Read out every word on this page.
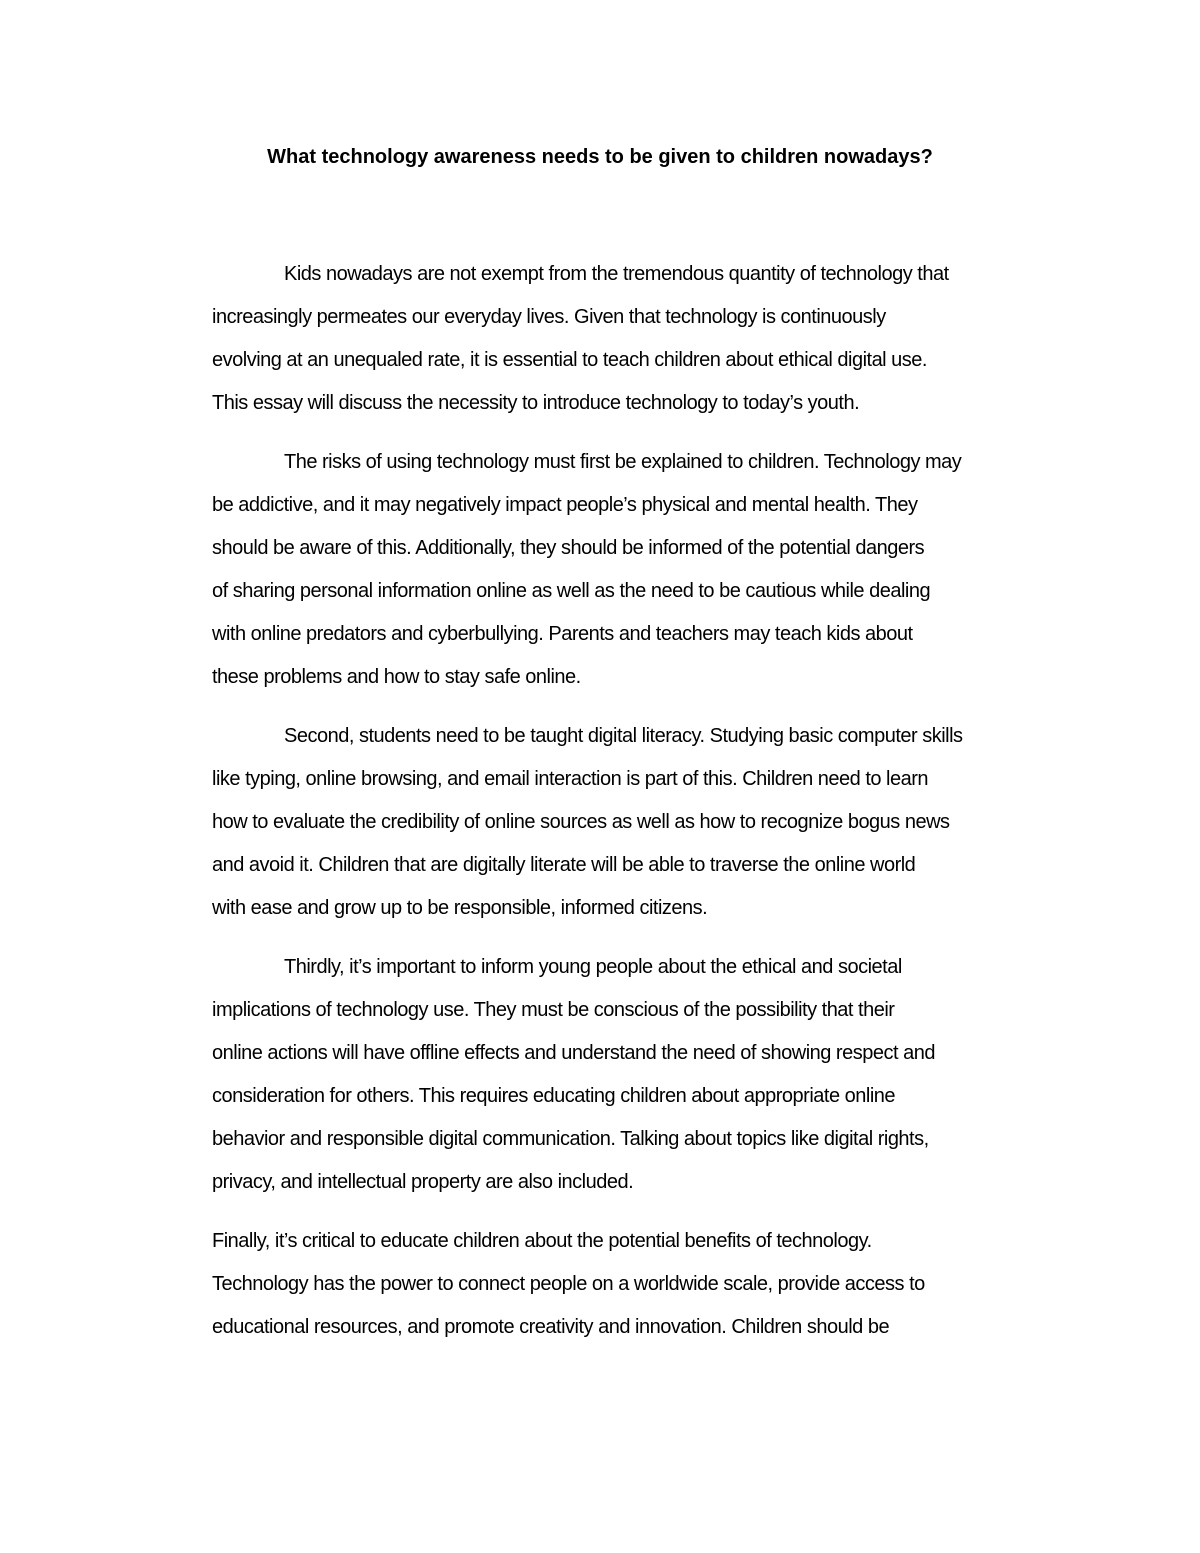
What technology awareness needs to be given to children nowadays?
Kids nowadays are not exempt from the tremendous quantity of technology that
increasingly permeates our everyday lives. Given that technology is continuously
evolving at an unequaled rate, it is essential to teach children about ethical digital use.
This essay will discuss the necessity to introduce technology to today’s youth.
The risks of using technology must first be explained to children. Technology may
be addictive, and it may negatively impact people’s physical and mental health. They
should be aware of this. Additionally, they should be informed of the potential dangers
of sharing personal information online as well as the need to be cautious while dealing
with online predators and cyberbullying. Parents and teachers may teach kids about
these problems and how to stay safe online.
Second, students need to be taught digital literacy. Studying basic computer skills
like typing, online browsing, and email interaction is part of this. Children need to learn
how to evaluate the credibility of online sources as well as how to recognize bogus news
and avoid it. Children that are digitally literate will be able to traverse the online world
with ease and grow up to be responsible, informed citizens.
Thirdly, it’s important to inform young people about the ethical and societal
implications of technology use. They must be conscious of the possibility that their
online actions will have offline effects and understand the need of showing respect and
consideration for others. This requires educating children about appropriate online
behavior and responsible digital communication. Talking about topics like digital rights,
privacy, and intellectual property are also included.
Finally, it’s critical to educate children about the potential benefits of technology.
Technology has the power to connect people on a worldwide scale, provide access to
educational resources, and promote creativity and innovation. Children should be
